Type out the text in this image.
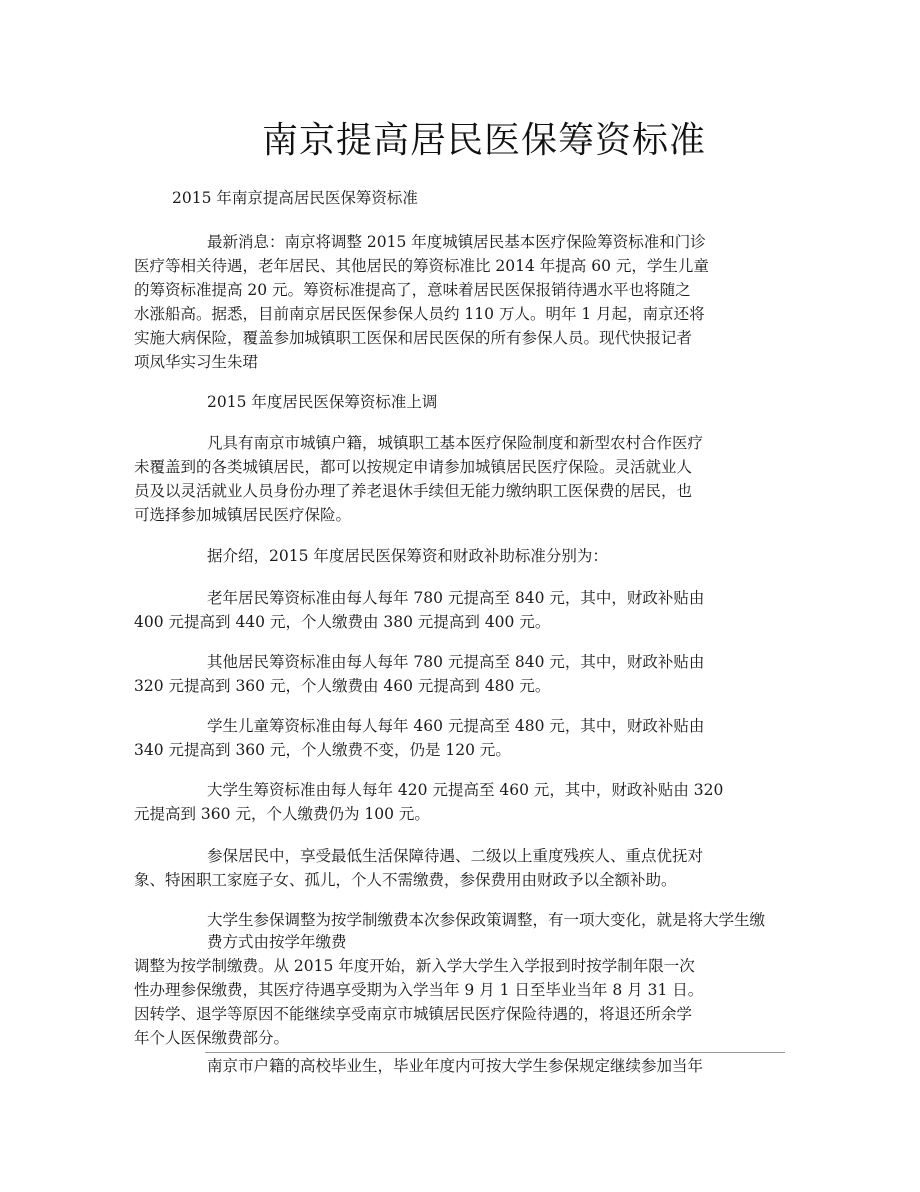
南京提高居民医保筹资标准
2015 年南京提高居民医保筹资标准
最新消息：南京将调整 2015 年度城镇居民基本医疗保险筹资标准和门诊
医疗等相关待遇，老年居民、其他居民的筹资标准比 2014 年提高 60 元，学生儿童
的筹资标准提高 20 元。筹资标准提高了，意味着居民医保报销待遇水平也将随之
水涨船高。据悉，目前南京居民医保参保人员约 110 万人。明年 1 月起，南京还将
实施大病保险，覆盖参加城镇职工医保和居民医保的所有参保人员。现代快报记者
项凤华实习生朱珺
2015 年度居民医保筹资标准上调
凡具有南京市城镇户籍，城镇职工基本医疗保险制度和新型农村合作医疗
未覆盖到的各类城镇居民，都可以按规定申请参加城镇居民医疗保险。灵活就业人
员及以灵活就业人员身份办理了养老退休手续但无能力缴纳职工医保费的居民，也
可选择参加城镇居民医疗保险。
据介绍，2015 年度居民医保筹资和财政补助标准分别为：
老年居民筹资标准由每人每年 780 元提高至 840 元，其中，财政补贴由
400 元提高到 440 元，个人缴费由 380 元提高到 400 元。
其他居民筹资标准由每人每年 780 元提高至 840 元，其中，财政补贴由
320 元提高到 360 元，个人缴费由 460 元提高到 480 元。
学生儿童筹资标准由每人每年 460 元提高至 480 元，其中，财政补贴由
340 元提高到 360 元，个人缴费不变，仍是 120 元。
大学生筹资标准由每人每年 420 元提高至 460 元，其中，财政补贴由 320
元提高到 360 元，个人缴费仍为 100 元。
参保居民中，享受最低生活保障待遇、二级以上重度残疾人、重点优抚对
象、特困职工家庭子女、孤儿，个人不需缴费，参保费用由财政予以全额补助。
大学生参保调整为按学制缴费本次参保政策调整，有一项大变化，就是将大学生缴
费方式由按学年缴费
调整为按学制缴费。从 2015 年度开始，新入学大学生入学报到时按学制年限一次
性办理参保缴费，其医疗待遇享受期为入学当年 9 月 1 日至毕业当年 8 月 31 日。
因转学、退学等原因不能继续享受南京市城镇居民医疗保险待遇的，将退还所余学
年个人医保缴费部分。
南京市户籍的高校毕业生，毕业年度内可按大学生参保规定继续参加当年
